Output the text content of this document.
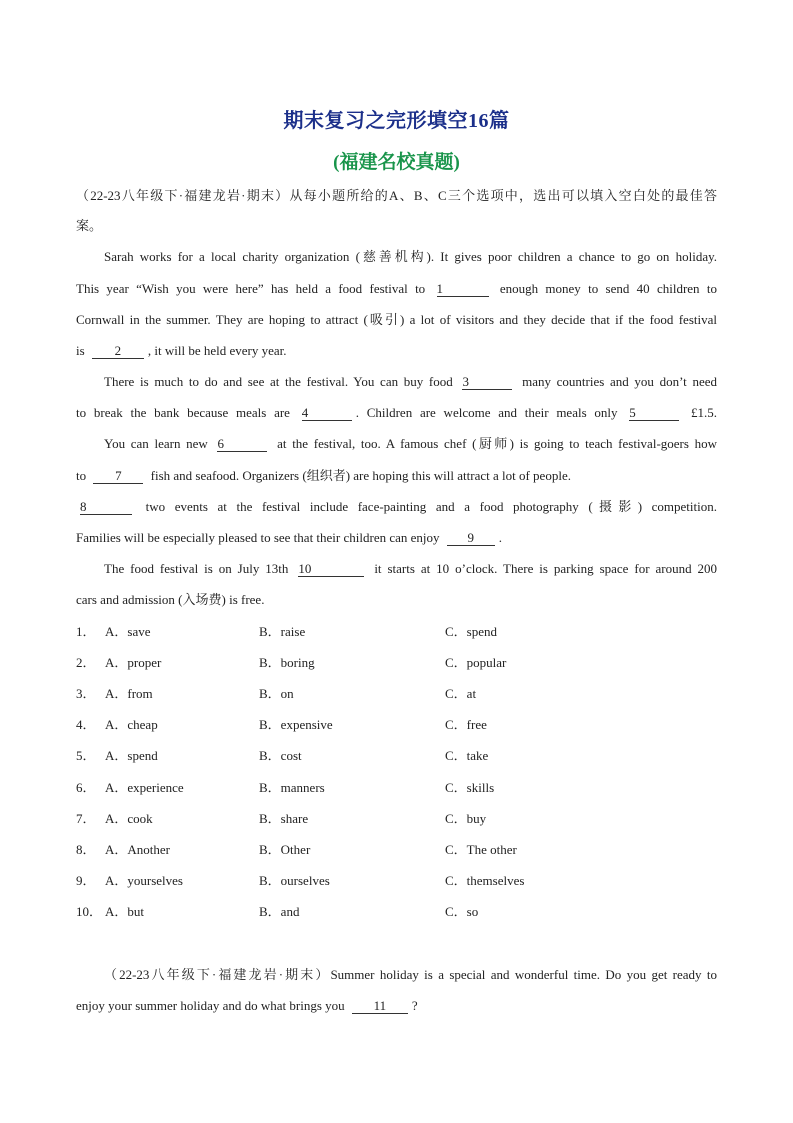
期末复习之完形填空16篇
(福建名校真题)
（22-23八年级下·福建龙岩·期末）从每小题所给的A、B、C三个选项中，选出可以填入空白处的最佳答
案。
Sarah works for a local charity organization (慈善机构). It gives poor children a chance to go on holiday.
This year “Wish you were here” has held a food festival to 1	enough money to send 40 children to
Cornwall in the summer. They are hoping to attract (吸引) a lot of visitors and they decide that if the food festival
is 2 , it will be held every year.
There is much to do and see at the festival. You can buy food 3	many countries and you don’t need
to break the bank because meals are 4	. Children are welcome and their meals only 5	£1.5.
You can learn new 6	at the festival, too. A famous chef (厨师) is going to teach festival-goers how
to 7 fish and seafood. Organizers (组织者) are hoping this will attract a lot of people.
8	two events at the festival include face-painting and a food photography (摄影) competition.
Families will be especially pleased to see that their children can enjoy 9 .
The food festival is on July 13th 10	it starts at 10 o’clock. There is parking space for around 200
cars and admission (入场费) is free.
1． A．save	B．raise	C．spend
2． A．proper	B．boring	C．popular
3． A．from	B．on	C．at
4． A．cheap	B．expensive	C．free
5． A．spend	B．cost	C．take
6． A．experience	B．manners	C．skills
7． A．cook	B．share	C．buy
8． A．Another	B．Other	C．The other
9． A．yourselves	B．ourselves	C．themselves
10． A．but	B．and	C．so
（22-23八年级下·福建龙岩·期末）Summer holiday is a special and wonderful time. Do you get ready to
enjoy your summer holiday and do what brings you 11 ?
